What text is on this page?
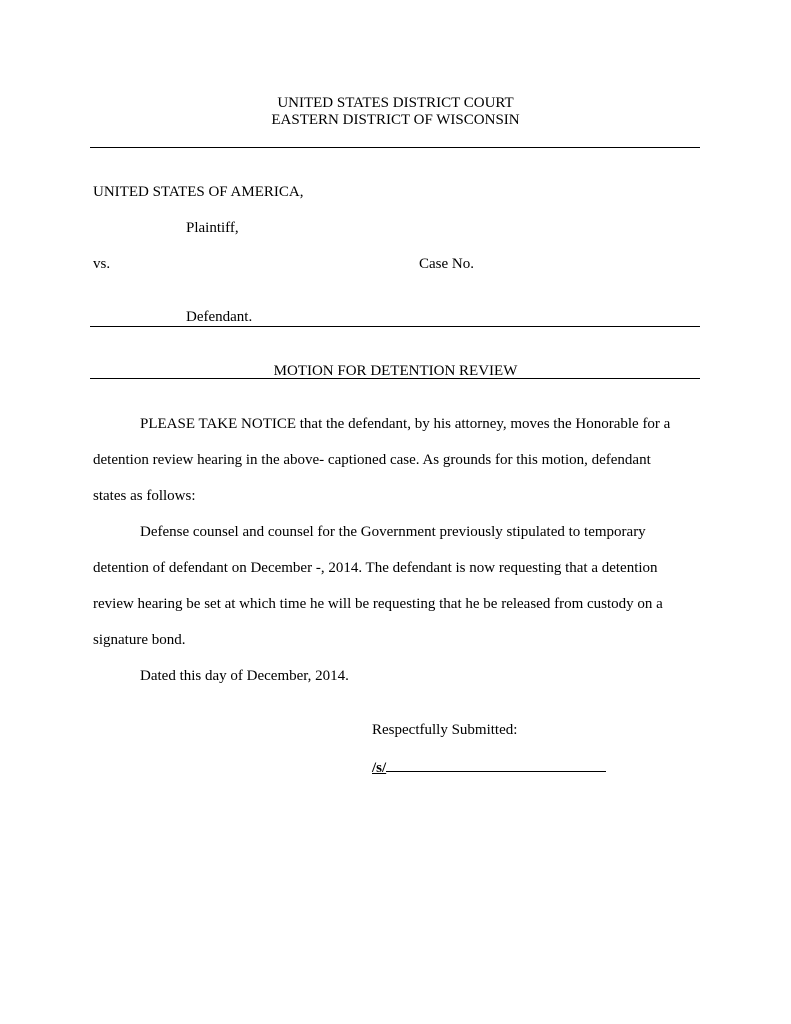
UNITED STATES DISTRICT COURT
EASTERN DISTRICT OF WISCONSIN
UNITED STATES OF AMERICA,
Plaintiff,
vs.	Case No.
Defendant.
MOTION FOR DETENTION REVIEW
PLEASE TAKE NOTICE that the defendant, by his attorney, moves the Honorable for a
detention review hearing in the above- captioned case. As grounds for this motion, defendant
states as follows:
Defense counsel and counsel for the Government previously stipulated to temporary
detention of defendant on December -, 2014. The defendant is now requesting that a detention
review hearing be set at which time he will be requesting that he be released from custody on a
signature bond.
Dated this day of December, 2014.
Respectfully Submitted:
/s/
